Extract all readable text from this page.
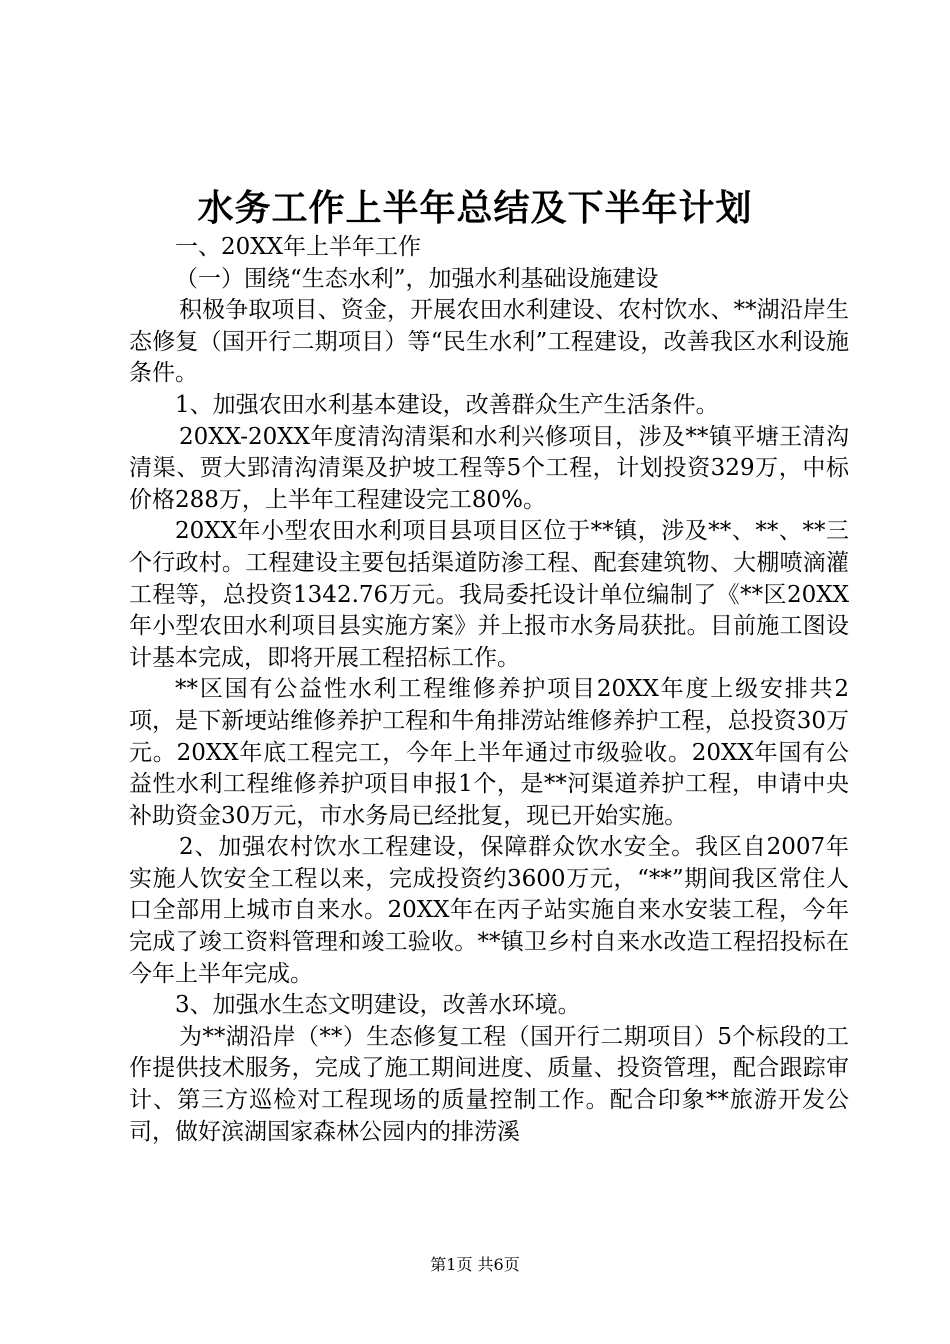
水务工作上半年总结及下半年计划

一、20XX年上半年工作

（一）围绕“生态水利”，加强水利基础设施建设

积极争取项目、资金，开展农田水利建设、农村饮水、**湖沿岸生态修复（国开行二期项目）等“民生水利”工程建设，改善我区水利设施条件。

1、加强农田水利基本建设，改善群众生产生活条件。

20XX-20XX年度清沟清渠和水利兴修项目，涉及**镇平塘王清沟清渠、贾大郢清沟清渠及护坡工程等5个工程，计划投资329万，中标价格288万，上半年工程建设完工80%。

20XX年小型农田水利项目县项目区位于**镇，涉及**、**、**三个行政村。工程建设主要包括渠道防渗工程、配套建筑物、大棚喷滴灌工程等，总投资1342.76万元。我局委托设计单位编制了《**区20XX年小型农田水利项目县实施方案》并上报市水务局获批。目前施工图设计基本完成，即将开展工程招标工作。

**区国有公益性水利工程维修养护项目20XX年度上级安排共2项，是下新埂站维修养护工程和牛角排涝站维修养护工程，总投资30万元。20XX年底工程完工，今年上半年通过市级验收。20XX年国有公益性水利工程维修养护项目申报1个，是**河渠道养护工程，申请中央补助资金30万元，市水务局已经批复，现已开始实施。

2、加强农村饮水工程建设，保障群众饮水安全。我区自2007年实施人饮安全工程以来，完成投资约3600万元，“**”期间我区常住人口全部用上城市自来水。20XX年在丙子站实施自来水安装工程，今年完成了竣工资料管理和竣工验收。**镇卫乡村自来水改造工程招投标在今年上半年完成。

3、加强水生态文明建设，改善水环境。

为**湖沿岸（**）生态修复工程（国开行二期项目）5个标段的工作提供技术服务，完成了施工期间进度、质量、投资管理，配合跟踪审计、第三方巡检对工程现场的质量控制工作。配合印象**旅游开发公司，做好滨湖国家森林公园内的排涝溪

第1页 共6页
